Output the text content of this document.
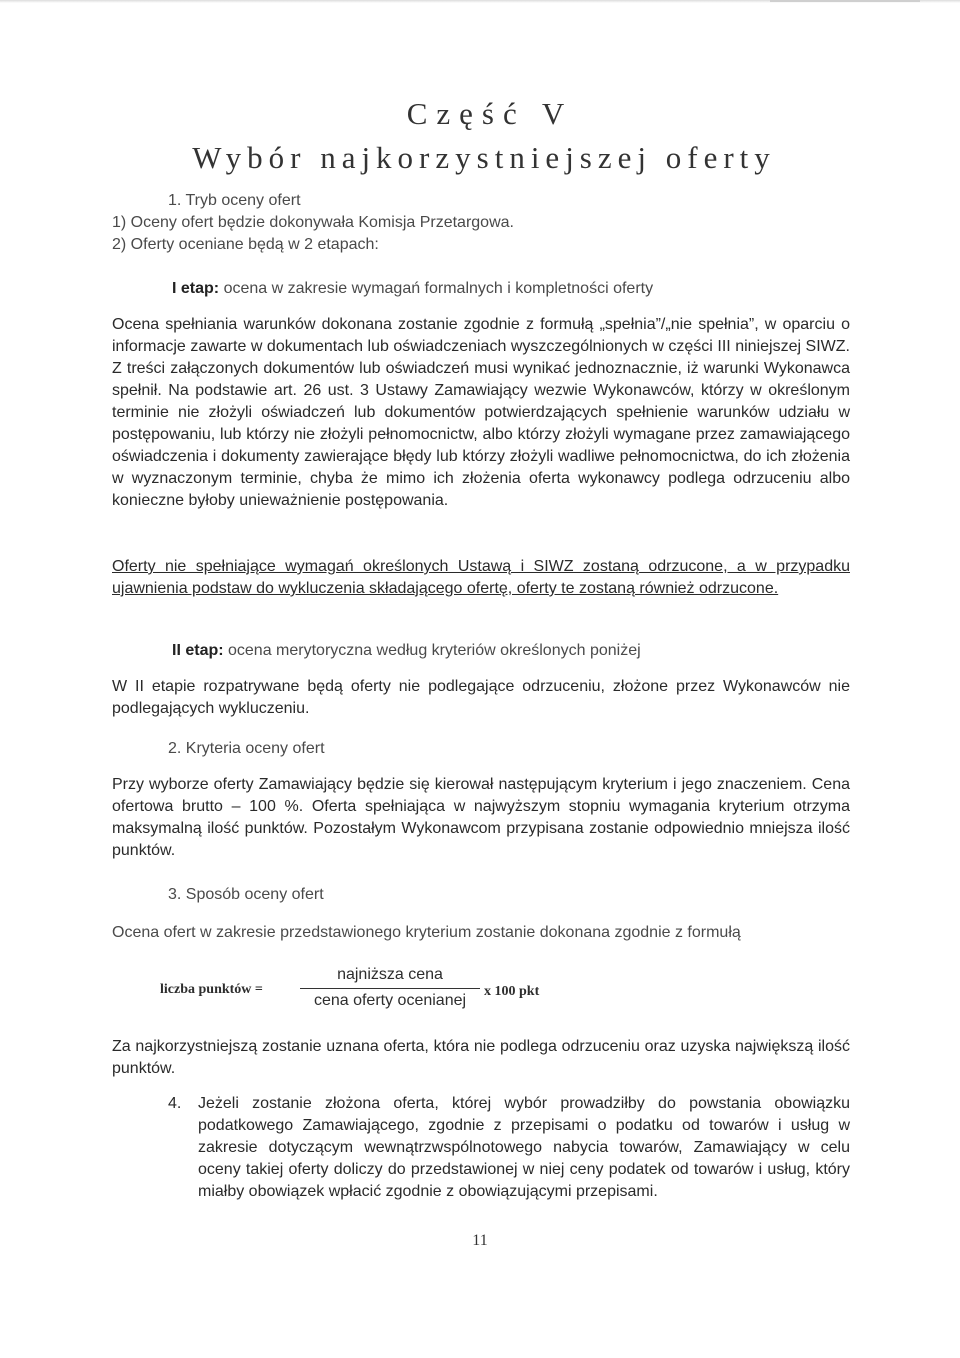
Część V
Wybór najkorzystniejszej oferty

1. Tryb oceny ofert

1) Oceny ofert będzie dokonywała Komisja Przetargowa.

2) Oferty oceniane będą w 2 etapach:

I etap: ocena w zakresie wymagań formalnych i kompletności oferty

Ocena spełniania warunków dokonana zostanie zgodnie z formułą „spełnia”/„nie spełnia”, w oparciu o informacje zawarte w dokumentach lub oświadczeniach wyszczególnionych w części III niniejszej SIWZ. Z treści załączonych dokumentów lub oświadczeń musi wynikać jednoznacznie, iż warunki Wykonawca spełnił. Na podstawie art. 26 ust. 3 Ustawy Zamawiający wezwie Wykonawców, którzy w określonym terminie nie złożyli oświadczeń lub dokumentów potwierdzających spełnienie warunków udziału w postępowaniu, lub którzy nie złożyli pełnomocnictw, albo którzy złożyli wymagane przez zamawiającego oświadczenia i dokumenty zawierające błędy lub którzy złożyli wadliwe pełnomocnictwa, do ich złożenia w wyznaczonym terminie, chyba że mimo ich złożenia oferta wykonawcy podlega odrzuceniu albo konieczne byłoby unieważnienie postępowania.

Oferty nie spełniające wymagań określonych Ustawą i SIWZ zostaną odrzucone, a w przypadku ujawnienia podstaw do wykluczenia składającego ofertę, oferty te zostaną również odrzucone.

II etap: ocena merytoryczna według kryteriów określonych poniżej

W II etapie rozpatrywane będą oferty nie podlegające odrzuceniu, złożone przez Wykonawców nie podlegających wykluczeniu.

2. Kryteria oceny ofert

Przy wyborze oferty Zamawiający będzie się kierował następującym kryterium i jego znaczeniem. Cena ofertowa brutto – 100 %. Oferta spełniająca w najwyższym stopniu wymagania kryterium otrzyma maksymalną ilość punktów. Pozostałym Wykonawcom przypisana zostanie odpowiednio mniejsza ilość punktów.

3. Sposób oceny ofert
Ocena ofert w zakresie przedstawionego kryterium zostanie dokonana zgodnie z formułą
liczba punktów =
najniższa cena
cena oferty ocenianej
x 100 pkt

Za najkorzystniejszą zostanie uznana oferta, która nie podlega odrzuceniu oraz uzyska największą ilość punktów.

4. Jeżeli zostanie złożona oferta, której wybór prowadziłby do powstania obowiązku podatkowego Zamawiającego, zgodnie z przepisami o podatku od towarów i usług w zakresie dotyczącym wewnątrzwspólnotowego nabycia towarów, Zamawiający w celu oceny takiej oferty doliczy do przedstawionej w niej ceny podatek od towarów i usług, który miałby obowiązek wpłacić zgodnie z obowiązującymi przepisami.
11
